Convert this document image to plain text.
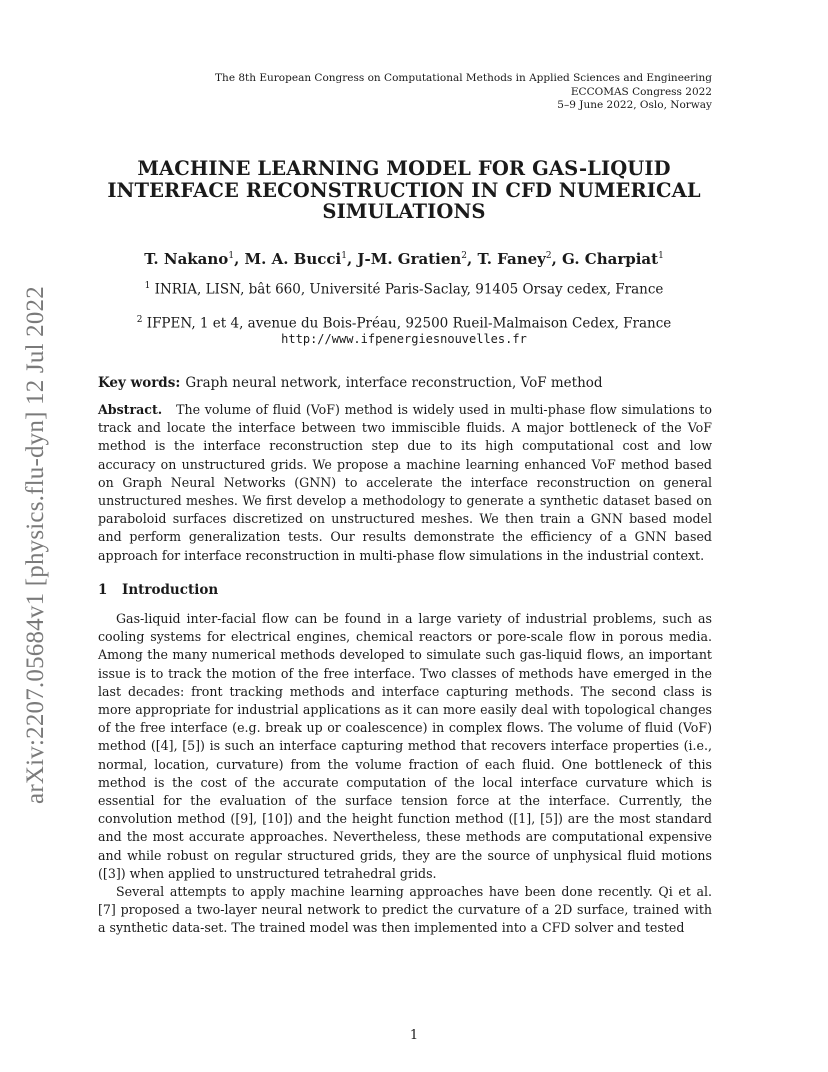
The 8th European Congress on Computational Methods in Applied Sciences and Engineering
ECCOMAS Congress 2022
5–9 June 2022, Oslo, Norway
arXiv:2207.05684v1 [physics.flu-dyn] 12 Jul 2022
MACHINE LEARNING MODEL FOR GAS-LIQUID
INTERFACE RECONSTRUCTION IN CFD NUMERICAL
SIMULATIONS
T. Nakano$^1$, M. A. Bucci$^1$, J-M. Gratien$^2$, T. Faney$^2$, G. Charpiat$^1$
$^1$ INRIA, LISN, bât 660, Université Paris-Saclay, 91405 Orsay cedex, France
$^2$ IFPEN, 1 et 4, avenue du Bois-Préau, 92500 Rueil-Malmaison Cedex, France
http://www.ifpenergiesnouvelles.fr
Key words: Graph neural network, interface reconstruction, VoF method
Abstract. The volume of fluid (VoF) method is widely used in multi-phase flow simulations to track and locate the interface between two immiscible fluids. A major bottleneck of the VoF method is the interface reconstruction step due to its high computational cost and low accuracy on unstructured grids. We propose a machine learning enhanced VoF method based on Graph Neural Networks (GNN) to accelerate the interface reconstruction on general unstructured meshes. We first develop a methodology to generate a synthetic dataset based on paraboloid surfaces discretized on unstructured meshes. We then train a GNN based model and perform generalization tests. Our results demonstrate the efficiency of a GNN based approach for interface reconstruction in multi-phase flow simulations in the industrial context.
1 Introduction

Gas-liquid inter-facial flow can be found in a large variety of industrial problems, such as cooling systems for electrical engines, chemical reactors or pore-scale flow in porous media. Among the many numerical methods developed to simulate such gas-liquid flows, an important issue is to track the motion of the free interface. Two classes of methods have emerged in the last decades: front tracking methods and interface capturing methods. The second class is more appropriate for industrial applications as it can more easily deal with topological changes of the free interface (e.g. break up or coalescence) in complex flows. The volume of fluid (VoF) method ([4], [5]) is such an interface capturing method that recovers interface properties (i.e., normal, location, curvature) from the volume fraction of each fluid. One bottleneck of this method is the cost of the accurate computation of the local interface curvature which is essential for the evaluation of the surface tension force at the interface. Currently, the convolution method ([9], [10]) and the height function method ([1], [5]) are the most standard and the most accurate approaches. Nevertheless, these methods are computational expensive and while robust on regular structured grids, they are the source of unphysical fluid motions ([3]) when applied to unstructured tetrahedral grids.

Several attempts to apply machine learning approaches have been done recently. Qi et al. [7] proposed a two-layer neural network to predict the curvature of a 2D surface, trained with a synthetic data-set. The trained model was then implemented into a CFD solver and tested

1
